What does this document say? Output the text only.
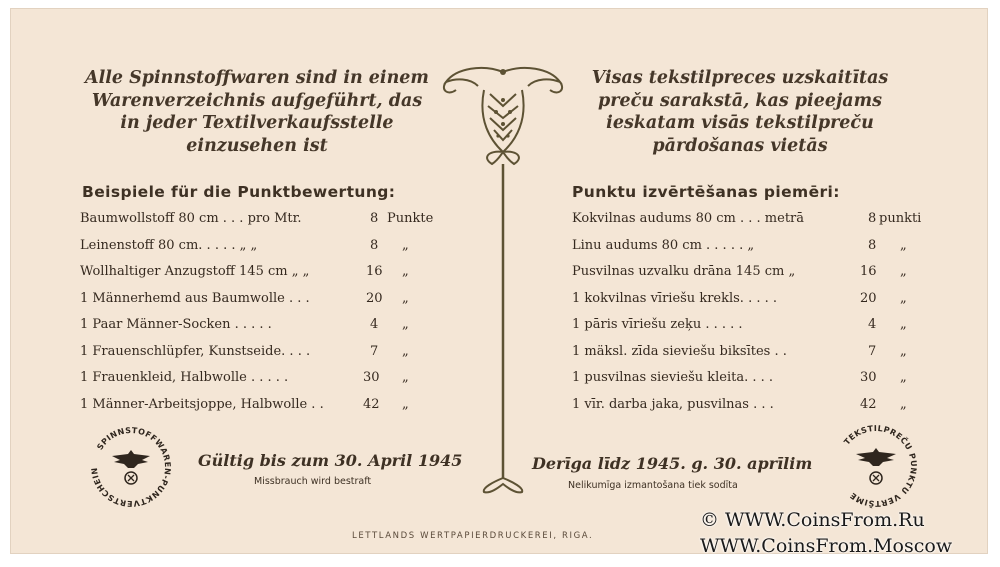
Alle Spinnstoffwaren sind in einem
Warenverzeichnis aufgeführt, das
in jeder Textilverkaufsstelle
einzusehen ist
Visas tekstilpreces uzskaitītas
preču sarakstā, kas pieejams
ieskatam visās tekstilpreču
pārdošanas vietās
Beispiele für die Punktbewertung:	Punktu izvērtēšanas piemēri:
Baumwollstoff 80 cm . . . pro Mtr.	8 Punkte
Leinenstoff 80 cm. . . . . „ „	8 „
Wollhaltiger Anzugstoff 145 cm „ „	16 „
1 Männerhemd aus Baumwolle . . .	20 „
1 Paar Männer-Socken . . . . .	4 „
1 Frauenschlüpfer, Kunstseide. . . .	7 „
1 Frauenkleid, Halbwolle . . . . .	30 „
1 Männer-Arbeitsjoppe, Halbwolle . .	42 „
Kokvilnas audums 80 cm . . . metrā	8 punkti
Linu audums 80 cm . . . . . „	8 „
Pusvilnas uzvalku drāna 145 cm „	16 „
1 kokvilnas vīriešu krekls. . . . .	20 „
1 pāris vīriešu zeķu . . . . .	4 „
1 mäksl. zīda sieviešu biksītes . .	7 „
1 pusvilnas sieviešu kleita. . . .	30 „
1 vīr. darba jaka, pusvilnas . . .	42 „
Gültig bis zum 30. April 1945
Missbrauch wird bestraft
Derīga līdz 1945. g. 30. aprīlim
Nelikumīga izmantošana tiek sodīta
LETTLANDS WERTPAPIERDRUCKEREI, RIGA.
SPINNSTOFFWAREN-PUNKTVERTSCHEIN
TEKSTILPREČU PUNKTU VERTŠIME
© WWW.CoinsFrom.Ru
WWW.CoinsFrom.Moscow
